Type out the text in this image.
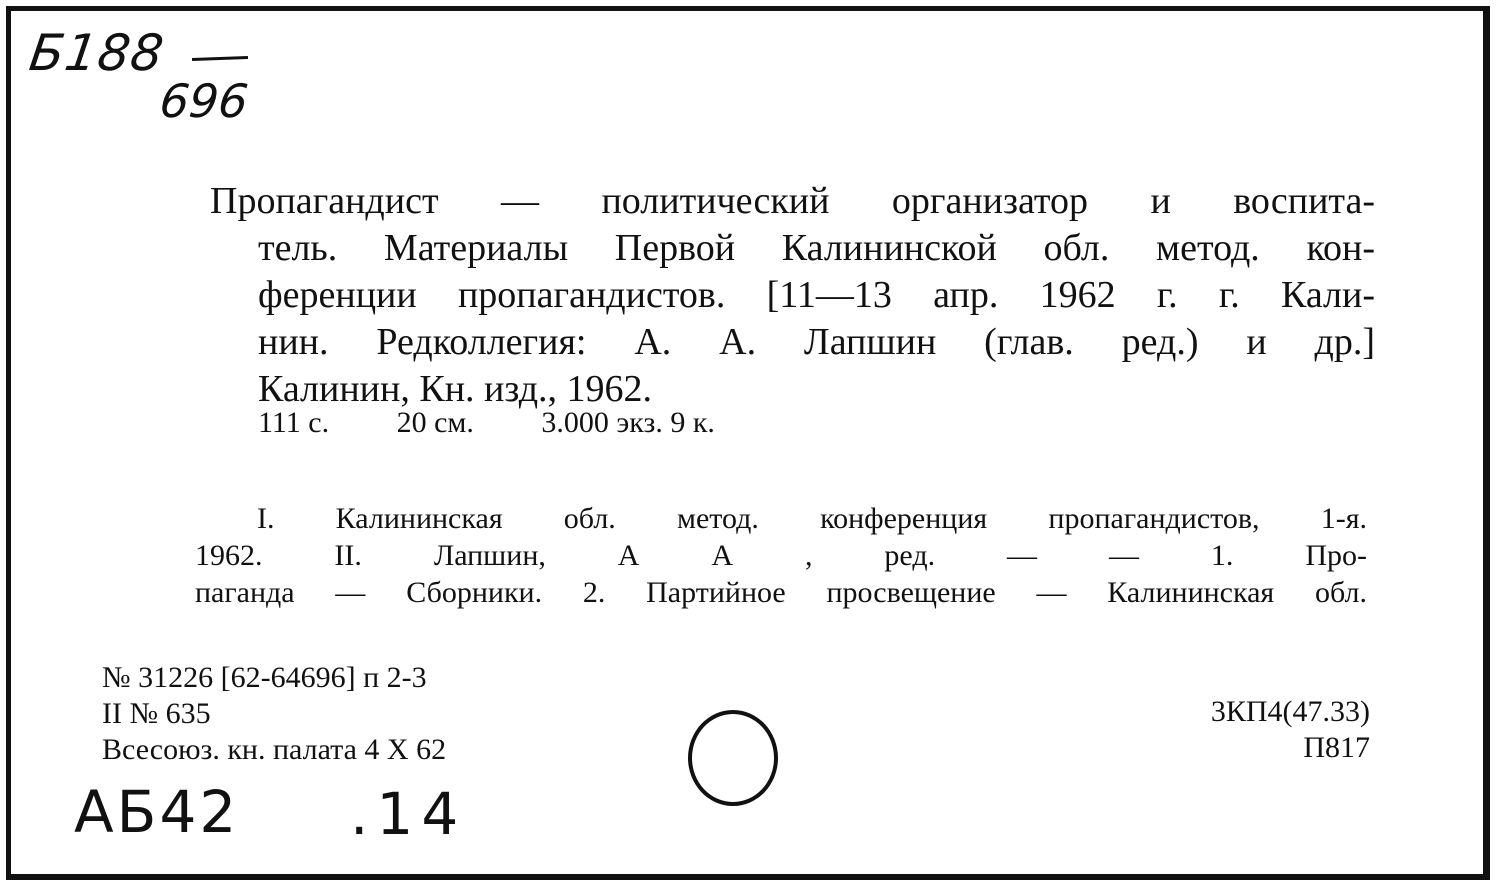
Б188
696
Пропагандист — политический организатор и воспита-
тель. Материалы Первой Калининской обл. метод. кон-
ференции пропагандистов. [11—13 апр. 1962 г. г. Кали-
нин. Редколлегия: А. А. Лапшин (глав. ред.) и др.]
Калинин, Кн. изд., 1962.
111 с. 20 см. 3.000 экз. 9 к.
I. Калининская обл. метод. конференция пропагандистов, 1-я.
1962. II. Лапшин, А А , ред. — — 1. Про-
паганда — Сборники. 2. Партийное просвещение — Калининская обл.
№ 31226 [62-64696] п 2-3
II № 635
Всесоюз. кн. палата 4 X 62
3КП4(47.33)
П817
АБ42 .14
